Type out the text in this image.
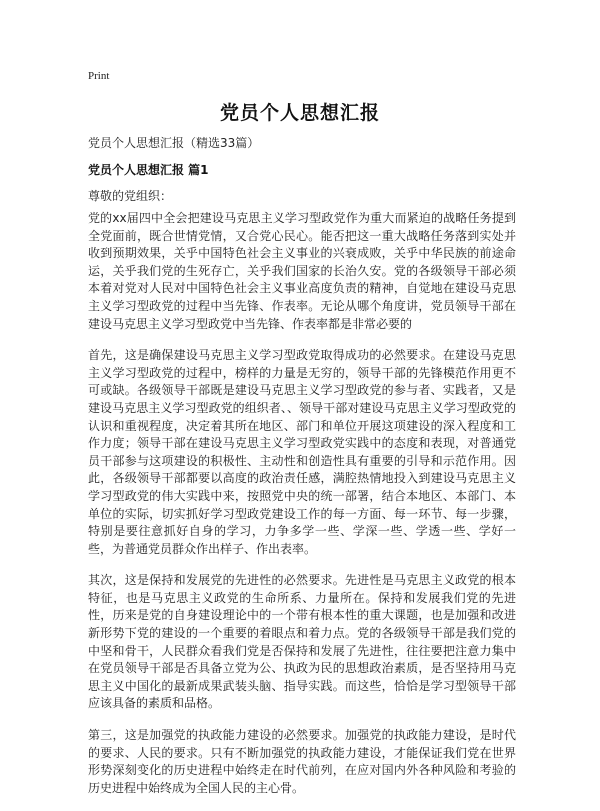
Print
党员个人思想汇报
党员个人思想汇报（精选33篇）
党员个人思想汇报 篇1
尊敬的党组织：

党的xx届四中全会把建设马克思主义学习型政党作为重大而紧迫的战略任务提到全党面前，既合世情党情，又合党心民心。能否把这一重大战略任务落到实处并收到预期效果，关乎中国特色社会主义事业的兴衰成败，关乎中华民族的前途命运，关乎我们党的生死存亡，关乎我们国家的长治久安。党的各级领导干部必须本着对党对人民对中国特色社会主义事业高度负责的精神，自觉地在建设马克思主义学习型政党的过程中当先锋、作表率。无论从哪个角度讲，党员领导干部在建设马克思主义学习型政党中当先锋、作表率都是非常必要的

首先，这是确保建设马克思主义学习型政党取得成功的必然要求。在建设马克思主义学习型政党的过程中，榜样的力量是无穷的，领导干部的先锋模范作用更不可或缺。各级领导干部既是建设马克思主义学习型政党的参与者、实践者，又是建设马克思主义学习型政党的组织者、、领导干部对建设马克思主义学习型政党的认识和重视程度，决定着其所在地区、部门和单位开展这项建设的深入程度和工作力度；领导干部在建设马克思主义学习型政党实践中的态度和表现，对普通党员干部参与这项建设的积极性、主动性和创造性具有重要的引导和示范作用。因此，各级领导干部都要以高度的政治责任感，满腔热情地投入到建设马克思主义学习型政党的伟大实践中来，按照党中央的统一部署，结合本地区、本部门、本单位的实际，切实抓好学习型政党建设工作的每一方面、每一环节、每一步骤，特别是要往意抓好自身的学习，力争多学一些、学深一些、学透一些、学好一些，为普通党员群众作出样子、作出表率。

其次，这是保持和发展党的先进性的必然要求。先进性是马克思主义政党的根本特征，也是马克思主义政党的生命所系、力量所在。保持和发展我们党的先进性，历来是党的自身建设理论中的一个带有根本性的重大课题，也是加强和改进新形势下党的建设的一个重要的着眼点和着力点。党的各级领导干部是我们党的中坚和骨干，人民群众看我们党是否保持和发展了先进性，往往要把注意力集中在党员领导干部是否具备立党为公、执政为民的思想政治素质，是否坚持用马克思主义中国化的最新成果武装头脑、指导实践。而这些，恰恰是学习型领导干部应该具备的素质和品格。

第三，这是加强党的执政能力建设的必然要求。加强党的执政能力建设，是时代的要求、人民的要求。只有不断加强党的执政能力建设，才能保证我们党在世界形势深刻变化的历史进程中始终走在时代前列，在应对国内外各种风险和考验的历史进程中始终成为全国人民的主心骨。
